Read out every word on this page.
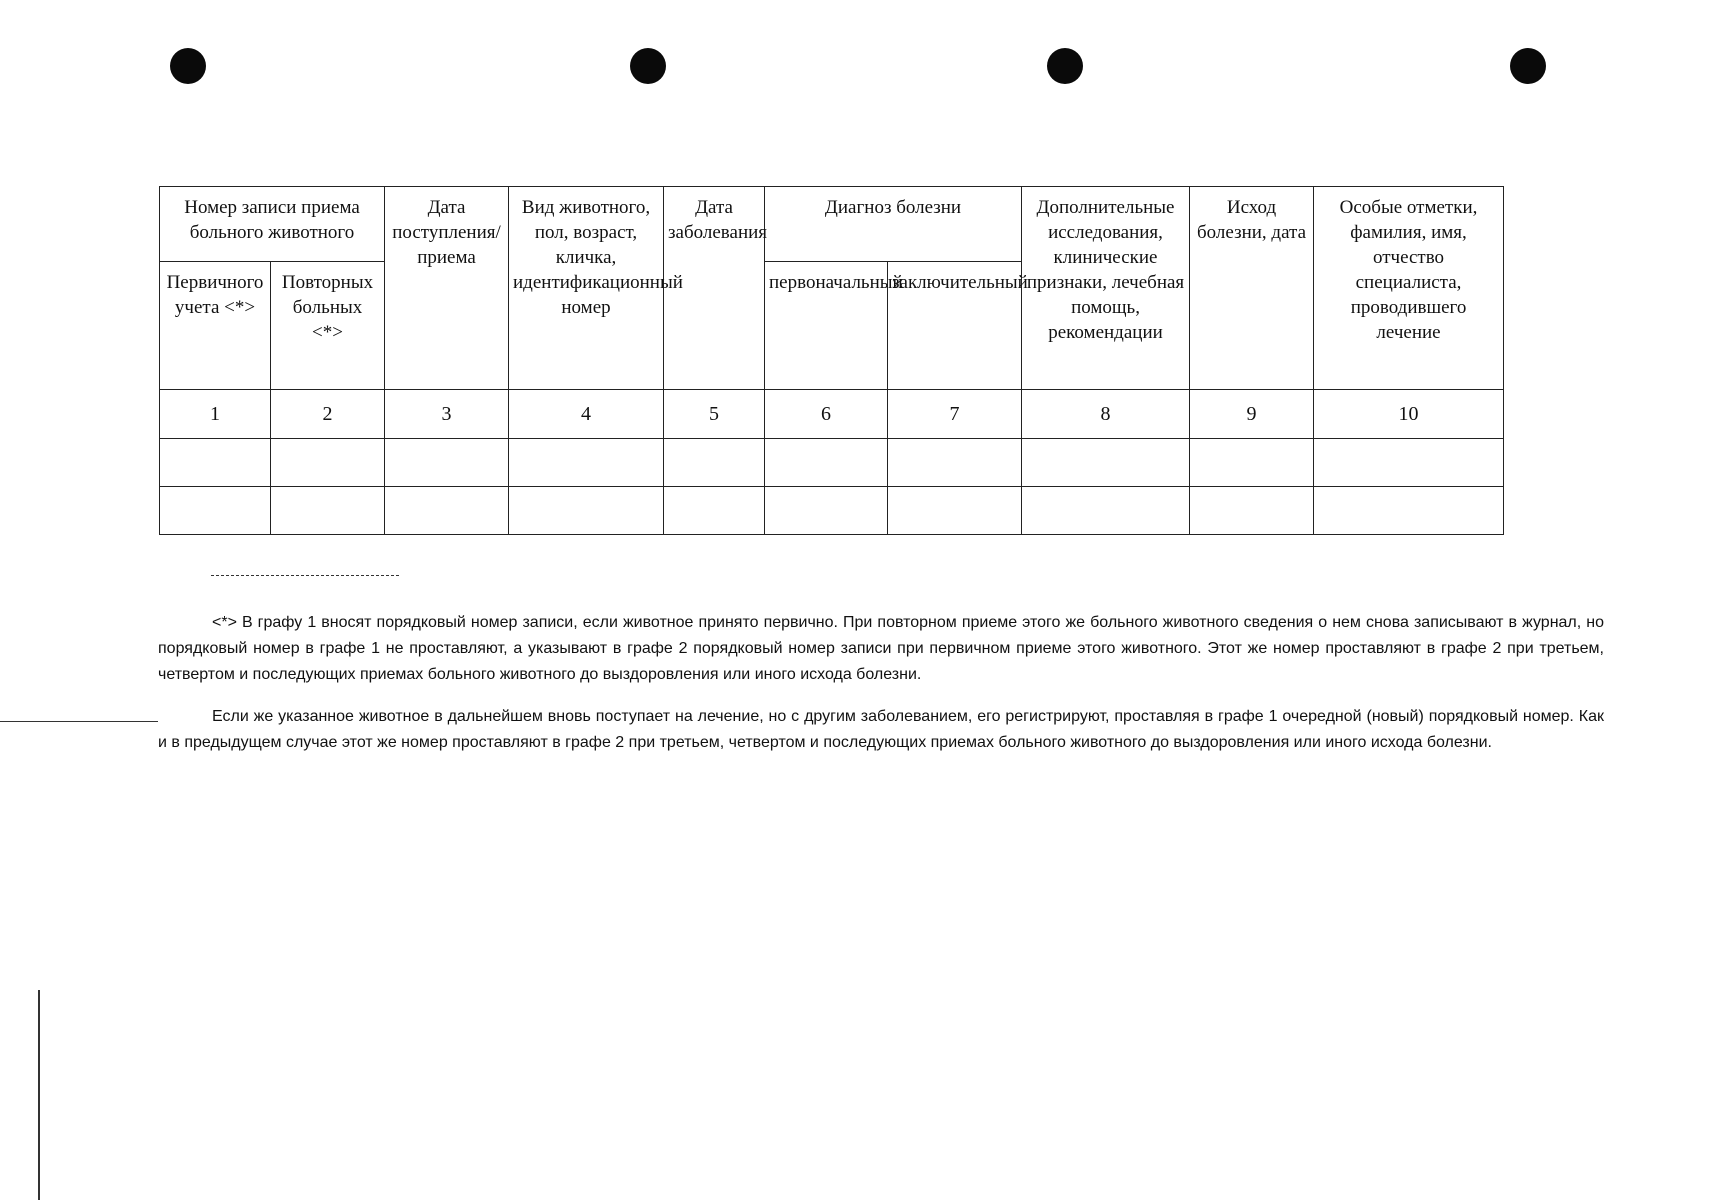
Номер записи приема больного животного		Дата поступления/приема	Вид животного, пол, возраст, кличка, идентификационный номер	Дата заболевания	Диагноз болезни		Дополнительные исследования, клинические признаки, лечебная помощь, рекомендации	Исход болезни, дата	Особые отметки, фамилия, имя, отчество специалиста, проводившего лечение
Первичного учета <*>	Повторных больных <*>				первоначальный	заключительный			
1	2	3	4	5	6	7	8	9	10

<*> В графу 1 вносят порядковый номер записи, если животное принято первично. При повторном приеме этого же больного животного сведения о нем снова записывают в журнал, но порядковый номер в графе 1 не проставляют, а указывают в графе 2 порядковый номер записи при первичном приеме этого животного. Этот же номер проставляют в графе 2 при третьем, четвертом и последующих приемах больного животного до выздоровления или иного исхода болезни.

Если же указанное животное в дальнейшем вновь поступает на лечение, но с другим заболеванием, его регистрируют, проставляя в графе 1 очередной (новый) порядковый номер. Как и в предыдущем случае этот же номер проставляют в графе 2 при третьем, четвертом и последующих приемах больного животного до выздоровления или иного исхода болезни.
